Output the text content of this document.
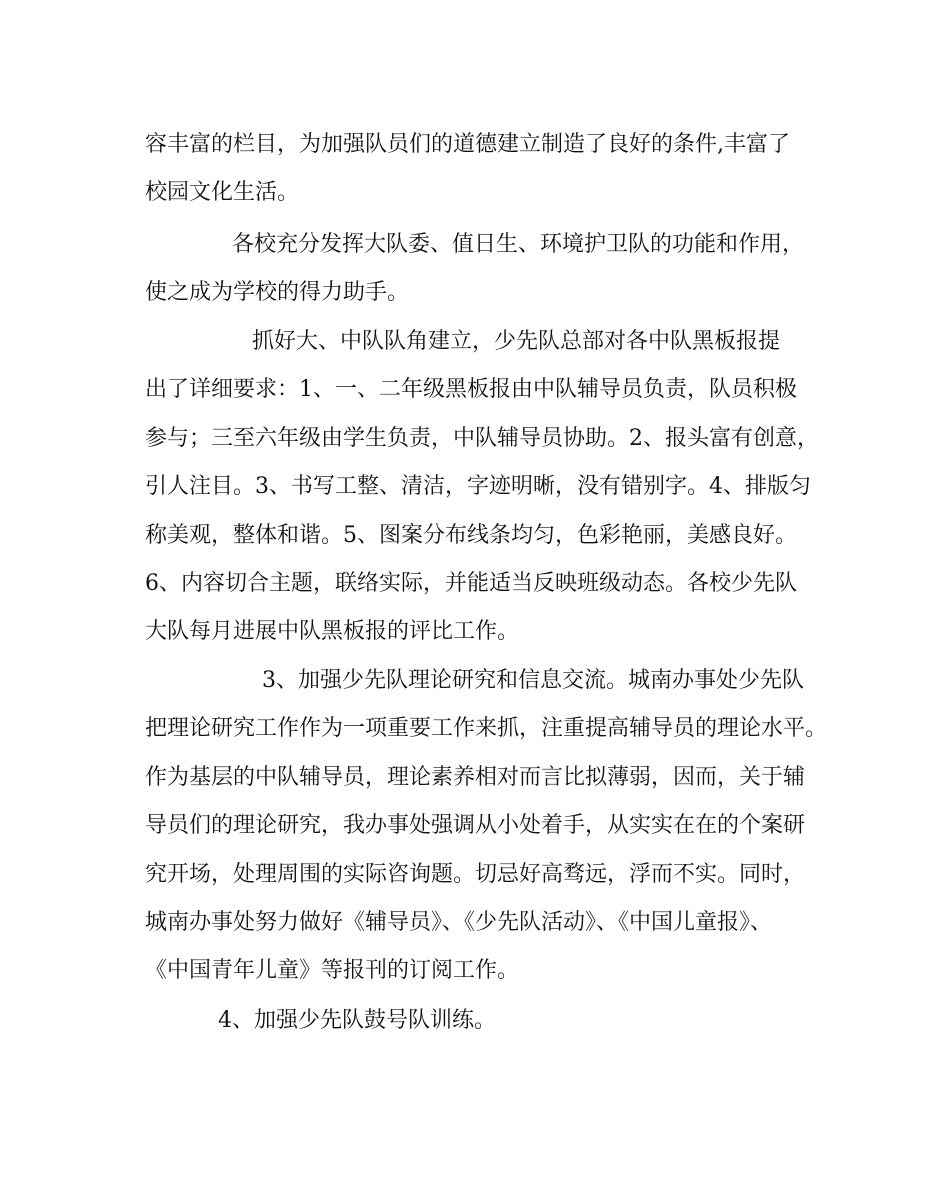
容丰富的栏目，为加强队员们的道德建立制造了良好的条件,丰富了

校园文化生活。

各校充分发挥大队委、值日生、环境护卫队的功能和作用，

使之成为学校的得力助手。

抓好大、中队队角建立，少先队总部对各中队黑板报提

出了详细要求：1、一、二年级黑板报由中队辅导员负责，队员积极

参与；三至六年级由学生负责，中队辅导员协助。2、报头富有创意，

引人注目。3、书写工整、清洁，字迹明晰，没有错别字。4、排版匀

称美观，整体和谐。5、图案分布线条均匀，色彩艳丽，美感良好。

6、内容切合主题，联络实际，并能适当反映班级动态。各校少先队

大队每月进展中队黑板报的评比工作。

3、加强少先队理论研究和信息交流。城南办事处少先队

把理论研究工作作为一项重要工作来抓，注重提高辅导员的理论水平。

作为基层的中队辅导员，理论素养相对而言比拟薄弱，因而，关于辅

导员们的理论研究，我办事处强调从小处着手，从实实在在的个案研

究开场，处理周围的实际咨询题。切忌好高骛远，浮而不实。同时，

城南办事处努力做好《辅导员》、《少先队活动》、《中国儿童报》、

《中国青年儿童》等报刊的订阅工作。

4、加强少先队鼓号队训练。
